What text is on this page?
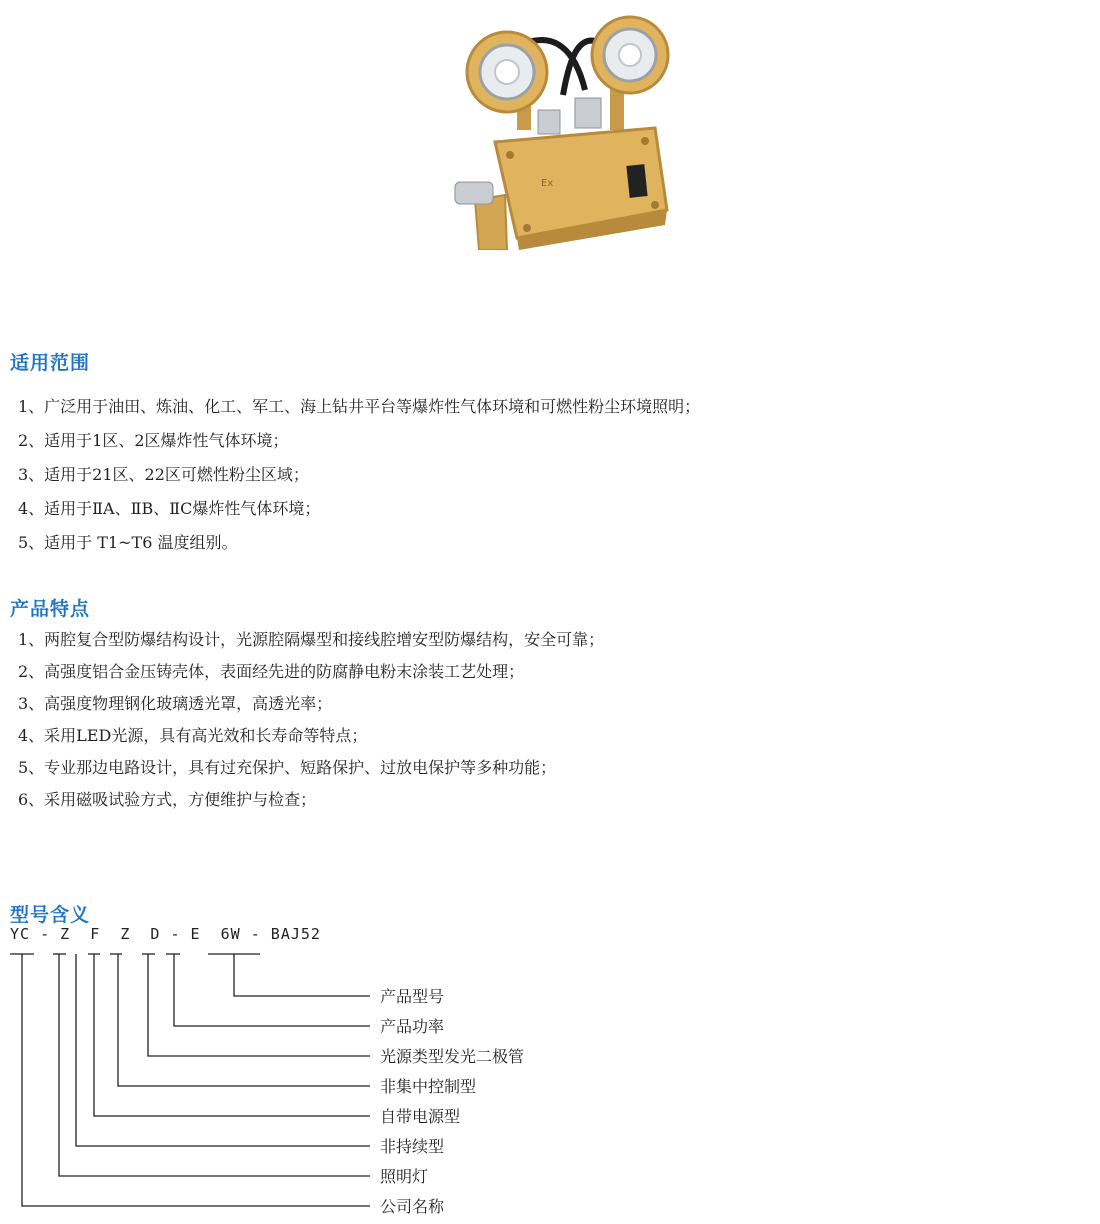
Ex
适用范围
1、广泛用于油田、炼油、化工、军工、海上钻井平台等爆炸性气体环境和可燃性粉尘环境照明；
2、适用于1区、2区爆炸性气体环境；
3、适用于21区、22区可燃性粉尘区域；
4、适用于ⅡA、ⅡB、ⅡC爆炸性气体环境；
5、适用于 T1~T6 温度组别。
产品特点
1、两腔复合型防爆结构设计，光源腔隔爆型和接线腔增安型防爆结构，安全可靠；
2、高强度铝合金压铸壳体，表面经先进的防腐静电粉末涂装工艺处理；
3、高强度物理钢化玻璃透光罩，高透光率；
4、采用LED光源，具有高光效和长寿命等特点；
5、专业那边电路设计，具有过充保护、短路保护、过放电保护等多种功能；
6、采用磁吸试验方式，方便维护与检查；
型号含义

YC - Z  F  Z  D - E  6W - BAJ52

产品型号
产品功率
光源类型发光二极管
非集中控制型
自带电源型
非持续型
照明灯
公司名称
